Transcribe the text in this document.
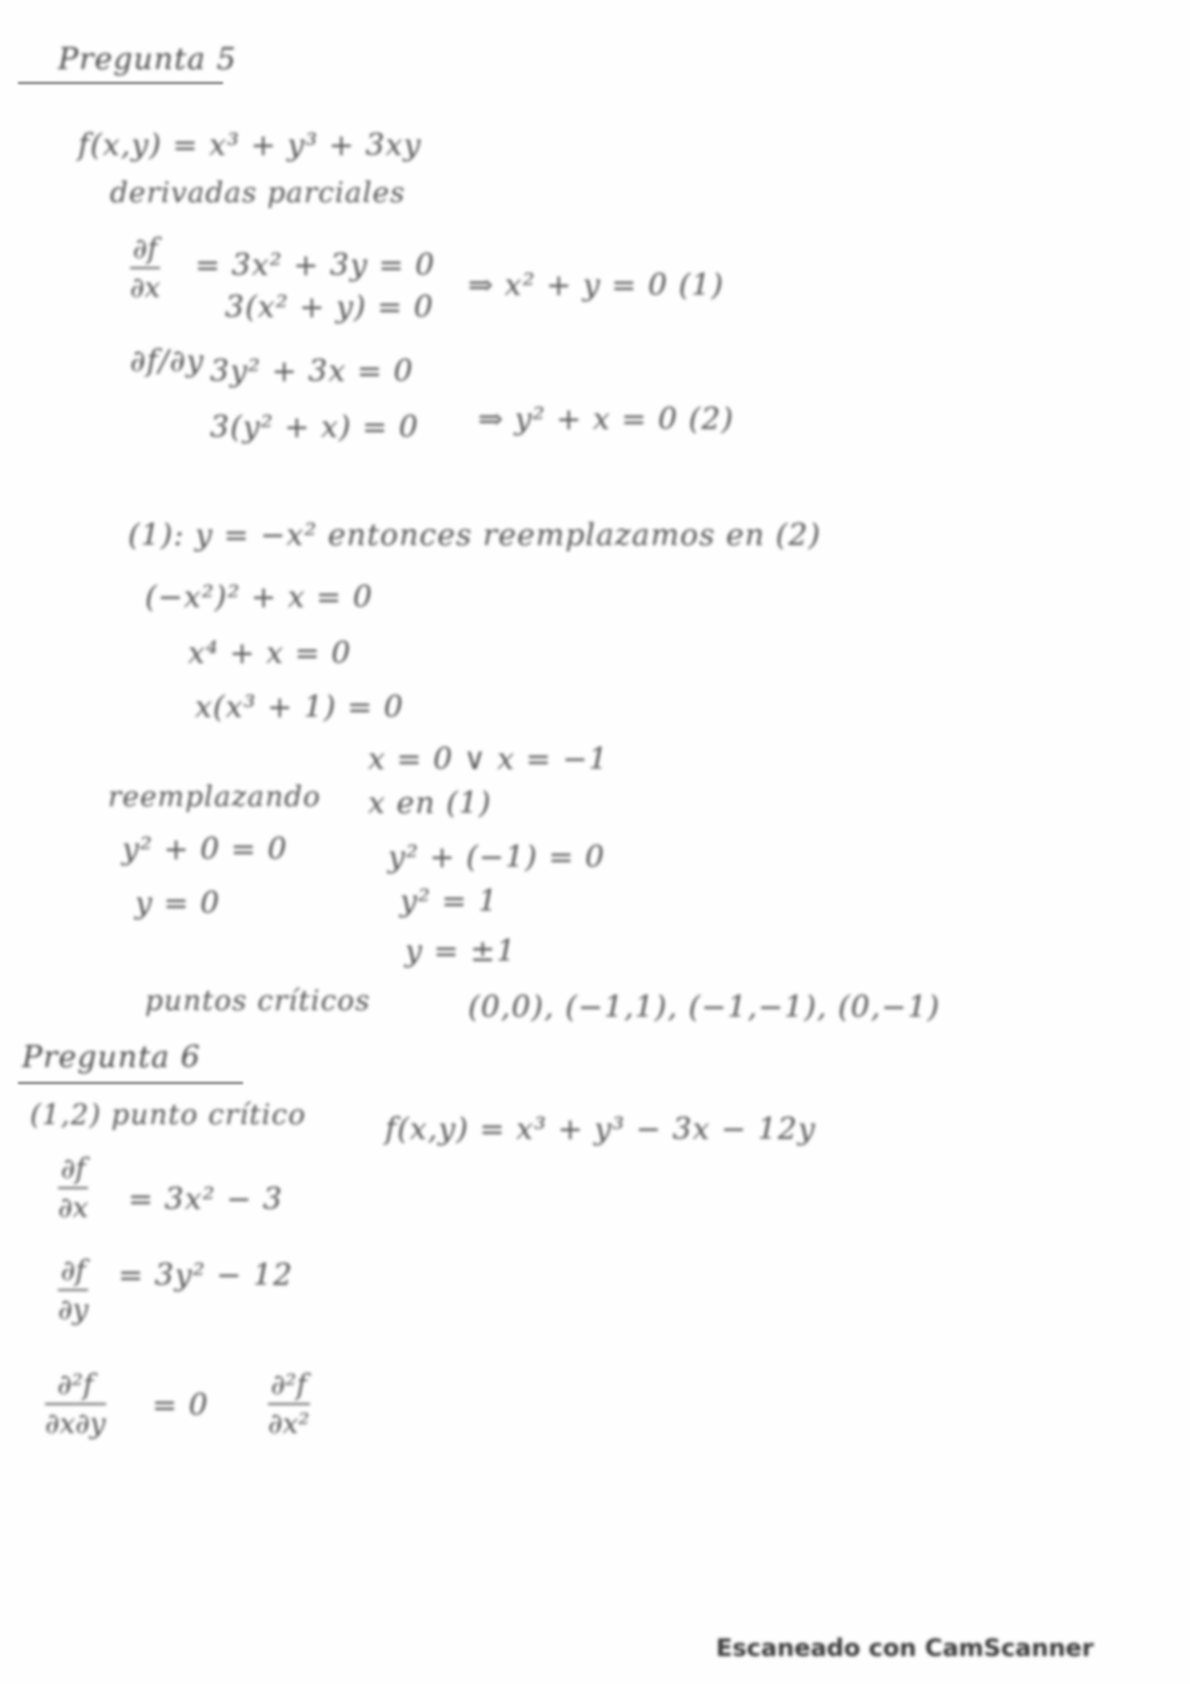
Pregunta 5
f(x,y) = x³ + y³ + 3xy
derivadas parciales
∂f
∂x
= 3x² + 3y = 0
3(x² + y) = 0
⇒ x² + y = 0 (1)
∂f/∂y 3y² + 3x = 0
3(y² + x) = 0 ⇒ y² + x = 0 (2)
(1): y = −x² entonces reemplazamos en (2)
(−x²)² + x = 0
x⁴ + x = 0
x(x³ + 1) = 0
x = 0 ∨ x = −1
reemplazando x en (1)
y² + 0 = 0
y = 0
y² + (−1) = 0
y² = 1
y = ±1
puntos críticos	(0,0), (−1,1), (−1,−1), (0,−1)
Pregunta 6
(1,2) punto crítico	f(x,y) = x³ + y³ − 3x − 12y
∂f
∂x = 3x² − 3
∂f
∂y
= 3y² − 12
∂²f
∂x∂y
= 0
∂²f
∂x²
Escaneado con CamScanner
